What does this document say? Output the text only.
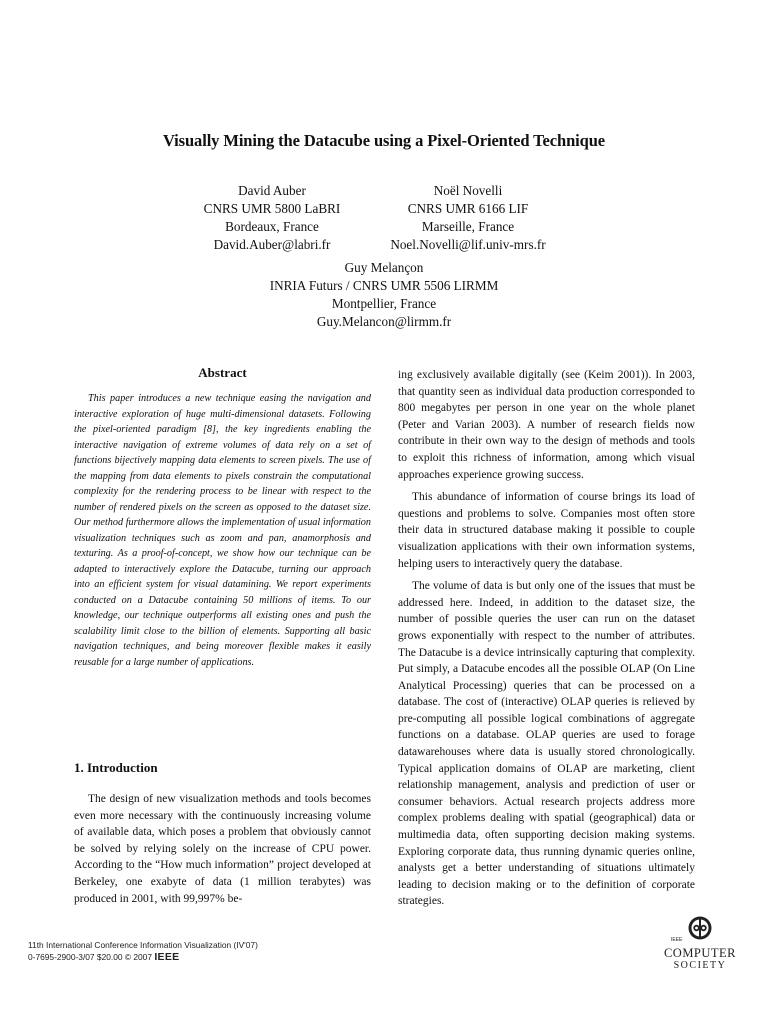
Visually Mining the Datacube using a Pixel-Oriented Technique
David Auber
CNRS UMR 5800 LaBRI
Bordeaux, France
David.Auber@labri.fr
Noël Novelli
CNRS UMR 6166 LIF
Marseille, France
Noel.Novelli@lif.univ-mrs.fr
Guy Melançon
INRIA Futurs / CNRS UMR 5506 LIRMM
Montpellier, France
Guy.Melancon@lirmm.fr
Abstract

This paper introduces a new technique easing the navigation and interactive exploration of huge multi-dimensional datasets. Following the pixel-oriented paradigm [8], the key ingredients enabling the interactive navigation of extreme volumes of data rely on a set of functions bijectively mapping data elements to screen pixels. The use of the mapping from data elements to pixels constrain the computational complexity for the rendering process to be linear with respect to the number of rendered pixels on the screen as opposed to the dataset size. Our method furthermore allows the implementation of usual information visualization techniques such as zoom and pan, anamorphosis and texturing. As a proof-of-concept, we show how our technique can be adapted to interactively explore the Datacube, turning our approach into an efficient system for visual datamining. We report experiments conducted on a Datacube containing 50 millions of items. To our knowledge, our technique outperforms all existing ones and push the scalability limit close to the billion of elements. Supporting all basic navigation techniques, and being moreover flexible makes it easily reusable for a large number of applications.

1. Introduction

The design of new visualization methods and tools becomes even more necessary with the continuously increasing volume of available data, which poses a problem that obviously cannot be solved by relying solely on the increase of CPU power. According to the “How much information” project developed at Berkeley, one exabyte of data (1 million terabytes) was produced in 2001, with 99,997% be-

ing exclusively available digitally (see (Keim 2001)). In 2003, that quantity seen as individual data production corresponded to 800 megabytes per person in one year on the whole planet (Peter and Varian 2003). A number of research fields now contribute in their own way to the design of methods and tools to exploit this richness of information, among which visual approaches experience growing success.

This abundance of information of course brings its load of questions and problems to solve. Companies most often store their data in structured database making it possible to couple visualization applications with their own information systems, helping users to interactively query the database.

The volume of data is but only one of the issues that must be addressed here. Indeed, in addition to the dataset size, the number of possible queries the user can run on the dataset grows exponentially with respect to the number of attributes. The Datacube is a device intrinsically capturing that complexity. Put simply, a Datacube encodes all the possible OLAP (On Line Analytical Processing) queries that can be processed on a database. The cost of (interactive) OLAP queries is relieved by pre-computing all possible logical combinations of aggregate functions on a database. OLAP queries are used to forage datawarehouses where data is usually stored chronologically. Typical application domains of OLAP are marketing, client relationship management, analysis and prediction of user or consumer behaviors. Actual research projects address more complex problems dealing with spatial (geographical) data or multimedia data, often supporting decision making systems. Exploring corporate data, thus running dynamic queries online, analysts get a better understanding of situations ultimately leading to decision making or to the definition of corporate strategies.

11th International Conference Information Visualization (IV'07)
0-7695-2900-3/07 $20.00 © 2007 IEEE
IEEE
COMPUTER
SOCIETY
